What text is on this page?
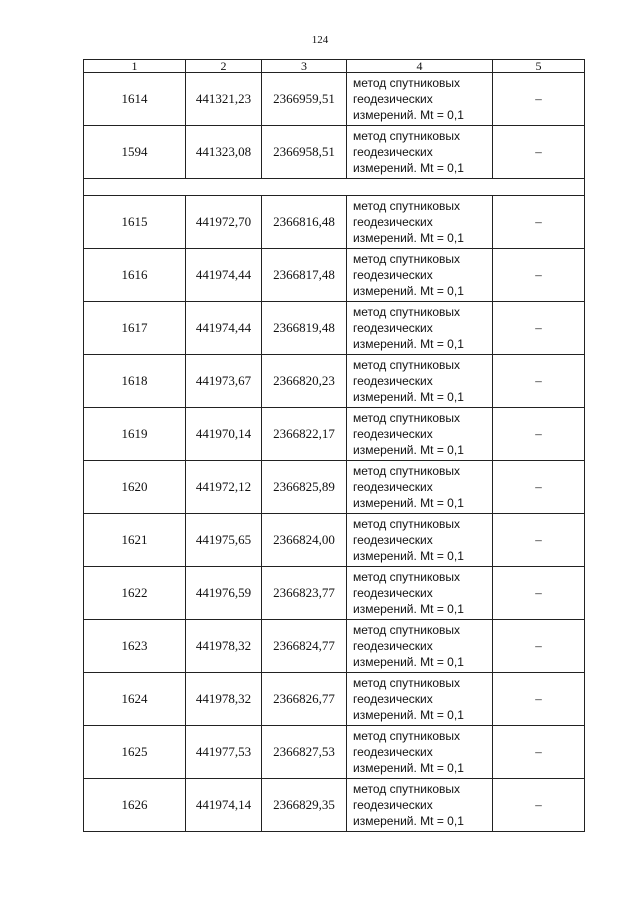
124
1	2	3	4	5
1614	441321,23	2366959,51	метод спутниковых
геодезических
измерений. Mt = 0,1	–
1594	441323,08	2366958,51	метод спутниковых
геодезических
измерений. Mt = 0,1	–

1615	441972,70	2366816,48	метод спутниковых
геодезических
измерений. Mt = 0,1	–
1616	441974,44	2366817,48	метод спутниковых
геодезических
измерений. Mt = 0,1	–
1617	441974,44	2366819,48	метод спутниковых
геодезических
измерений. Mt = 0,1	–
1618	441973,67	2366820,23	метод спутниковых
геодезических
измерений. Mt = 0,1	–
1619	441970,14	2366822,17	метод спутниковых
геодезических
измерений. Mt = 0,1	–
1620	441972,12	2366825,89	метод спутниковых
геодезических
измерений. Mt = 0,1	–
1621	441975,65	2366824,00	метод спутниковых
геодезических
измерений. Mt = 0,1	–
1622	441976,59	2366823,77	метод спутниковых
геодезических
измерений. Mt = 0,1	–
1623	441978,32	2366824,77	метод спутниковых
геодезических
измерений. Mt = 0,1	–
1624	441978,32	2366826,77	метод спутниковых
геодезических
измерений. Mt = 0,1	–
1625	441977,53	2366827,53	метод спутниковых
геодезических
измерений. Mt = 0,1	–
1626	441974,14	2366829,35	метод спутниковых
геодезических
измерений. Mt = 0,1	–
